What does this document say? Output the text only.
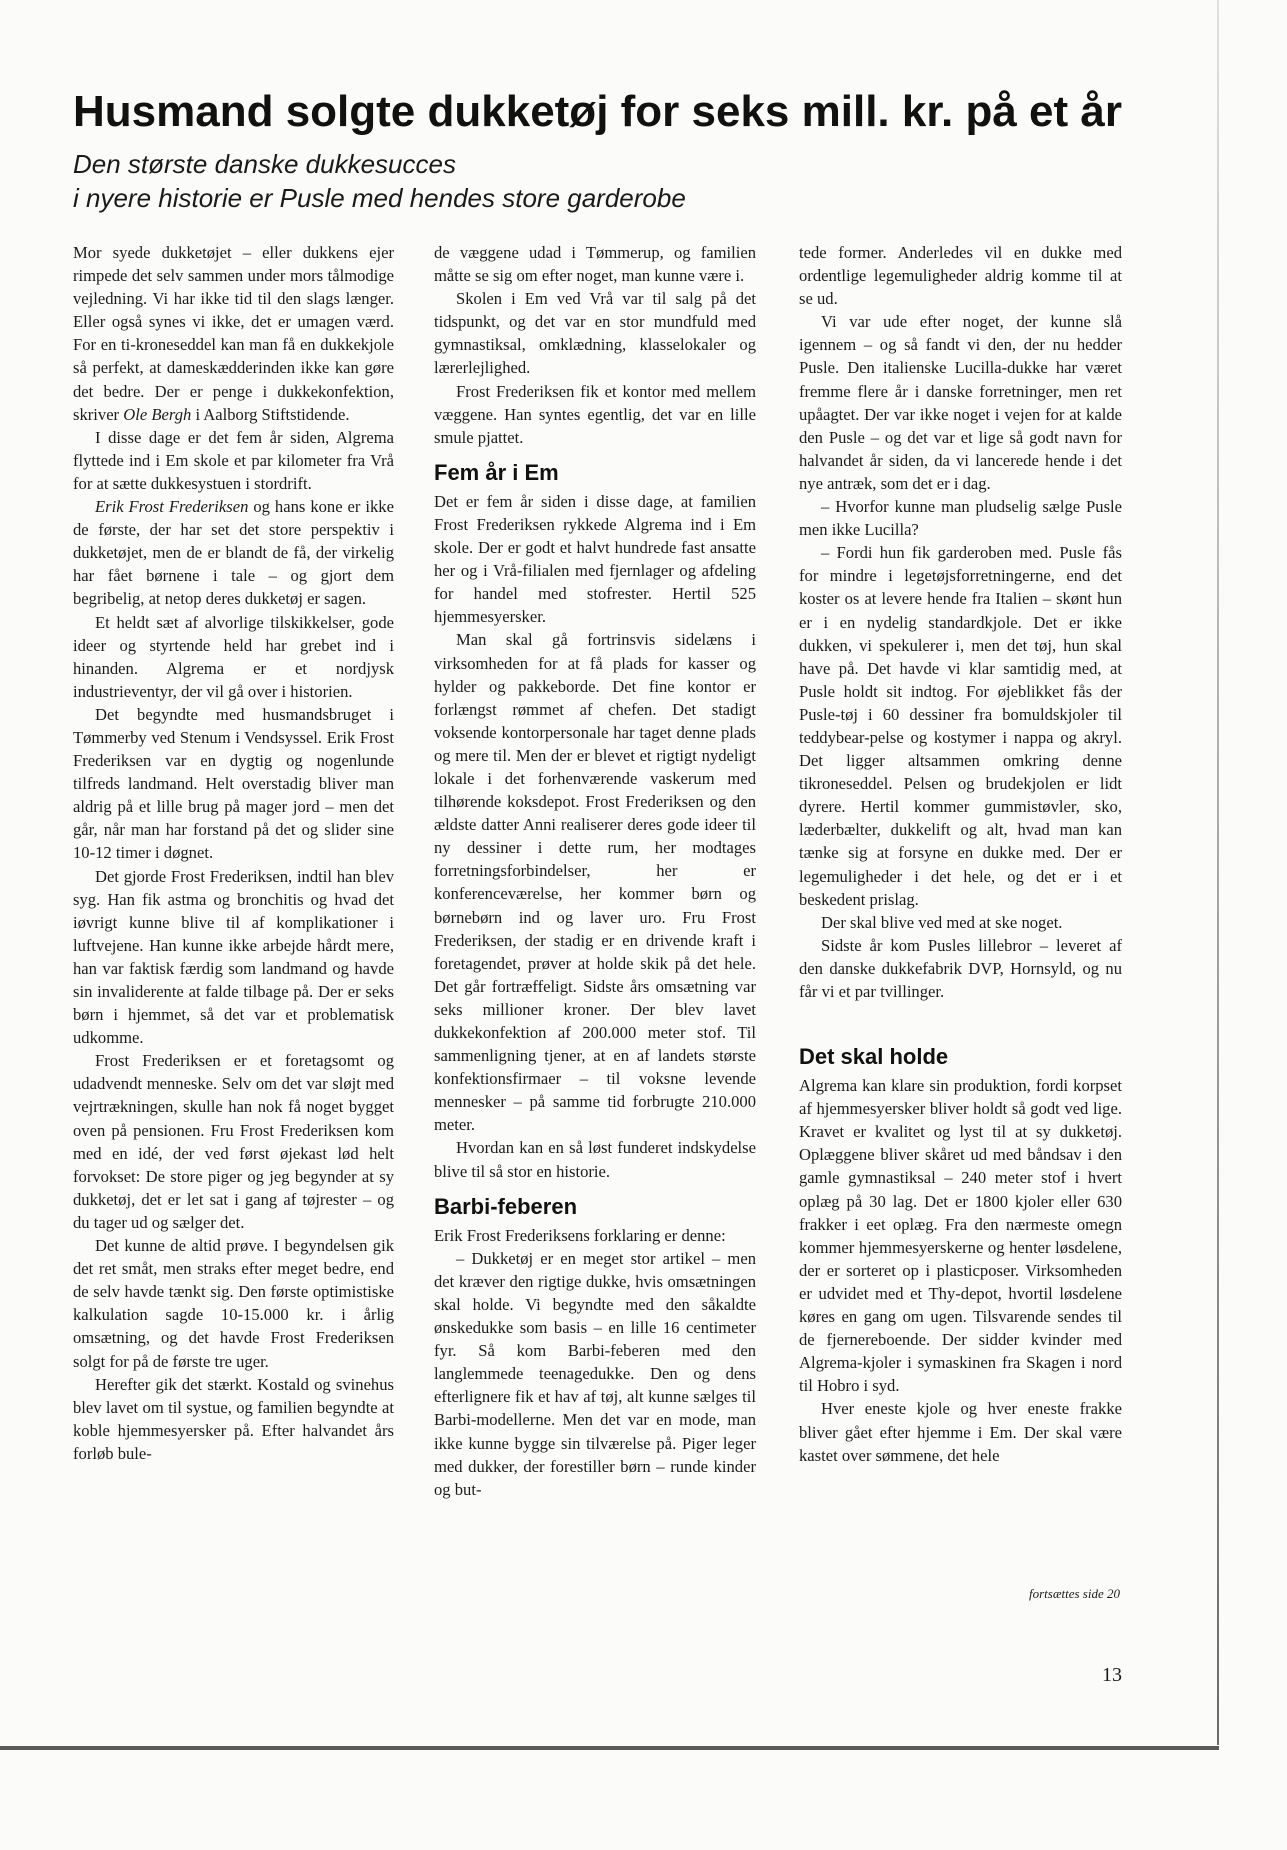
Husmand solgte dukketøj for seks mill. kr. på et år
Den største danske dukkesucces
i nyere historie er Pusle med hendes store garderobe

Mor syede dukketøjet – eller dukkens ejer rimpede det selv sammen under mors tålmodige vejledning. Vi har ikke tid til den slags længer. Eller også synes vi ikke, det er umagen værd. For en ti-kroneseddel kan man få en dukkekjole så perfekt, at dameskædderinden ikke kan gøre det bedre. Der er penge i dukkekonfektion, skriver Ole Bergh i Aalborg Stiftstidende.

I disse dage er det fem år siden, Algrema flyttede ind i Em skole et par kilometer fra Vrå for at sætte dukkesystuen i stordrift.

Erik Frost Frederiksen og hans kone er ikke de første, der har set det store perspektiv i dukketøjet, men de er blandt de få, der virkelig har fået børnene i tale – og gjort dem begribelig, at netop deres dukketøj er sagen.

Et heldt sæt af alvorlige tilskikkelser, gode ideer og styrtende held har grebet ind i hinanden. Algrema er et nordjysk industrieventyr, der vil gå over i historien.

Det begyndte med husmandsbruget i Tømmerby ved Stenum i Vendsyssel. Erik Frost Frederiksen var en dygtig og nogenlunde tilfreds landmand. Helt overstadig bliver man aldrig på et lille brug på mager jord – men det går, når man har forstand på det og slider sine 10-12 timer i døgnet.

Det gjorde Frost Frederiksen, indtil han blev syg. Han fik astma og bronchitis og hvad det iøvrigt kunne blive til af komplikationer i luftvejene. Han kunne ikke arbejde hårdt mere, han var faktisk færdig som landmand og havde sin invaliderente at falde tilbage på. Der er seks børn i hjemmet, så det var et problematisk udkomme.

Frost Frederiksen er et foretagsomt og udadvendt menneske. Selv om det var sløjt med vejrtrækningen, skulle han nok få noget bygget oven på pensionen. Fru Frost Frederiksen kom med en idé, der ved først øjekast lød helt forvokset: De store piger og jeg begynder at sy dukketøj, det er let sat i gang af tøjrester – og du tager ud og sælger det.

Det kunne de altid prøve. I begyndelsen gik det ret småt, men straks efter meget bedre, end de selv havde tænkt sig. Den første optimistiske kalkulation sagde 10-15.000 kr. i årlig omsætning, og det havde Frost Frederiksen solgt for på de første tre uger.

Herefter gik det stærkt. Kostald og svinehus blev lavet om til systue, og familien begyndte at koble hjemmesyersker på. Efter halvandet års forløb bule-

de væggene udad i Tømmerup, og familien måtte se sig om efter noget, man kunne være i.

Skolen i Em ved Vrå var til salg på det tidspunkt, og det var en stor mundfuld med gymnastiksal, omklædning, klasselokaler og lærerlejlighed.

Frost Frederiksen fik et kontor med mellem væggene. Han syntes egentlig, det var en lille smule pjattet.

Fem år i Em

Det er fem år siden i disse dage, at familien Frost Frederiksen rykkede Algrema ind i Em skole. Der er godt et halvt hundrede fast ansatte her og i Vrå-filialen med fjernlager og afdeling for handel med stofrester. Hertil 525 hjemmesyersker.

Man skal gå fortrinsvis sidelæns i virksomheden for at få plads for kasser og hylder og pakkeborde. Det fine kontor er forlængst rømmet af chefen. Det stadigt voksende kontorpersonale har taget denne plads og mere til. Men der er blevet et rigtigt nydeligt lokale i det forhenværende vaskerum med tilhørende koksdepot. Frost Frederiksen og den ældste datter Anni realiserer deres gode ideer til ny dessiner i dette rum, her modtages forretningsforbindelser, her er konferenceværelse, her kommer børn og børnebørn ind og laver uro. Fru Frost Frederiksen, der stadig er en drivende kraft i foretagendet, prøver at holde skik på det hele. Det går fortræffeligt. Sidste års omsætning var seks millioner kroner. Der blev lavet dukkekonfektion af 200.000 meter stof. Til sammenligning tjener, at en af landets største konfektionsfirmaer – til voksne levende mennesker – på samme tid forbrugte 210.000 meter.

Hvordan kan en så løst funderet indskydelse blive til så stor en historie.

Barbi-feberen

Erik Frost Frederiksens forklaring er denne:

– Dukketøj er en meget stor artikel – men det kræver den rigtige dukke, hvis omsætningen skal holde. Vi begyndte med den såkaldte ønskedukke som basis – en lille 16 centimeter fyr. Så kom Barbi-feberen med den langlemmede teenagedukke. Den og dens efterlignere fik et hav af tøj, alt kunne sælges til Barbi-modellerne. Men det var en mode, man ikke kunne bygge sin tilværelse på. Piger leger med dukker, der forestiller børn – runde kinder og but-

tede former. Anderledes vil en dukke med ordentlige legemuligheder aldrig komme til at se ud.

Vi var ude efter noget, der kunne slå igennem – og så fandt vi den, der nu hedder Pusle. Den italienske Lucilla-dukke har været fremme flere år i danske forretninger, men ret upåagtet. Der var ikke noget i vejen for at kalde den Pusle – og det var et lige så godt navn for halvandet år siden, da vi lancerede hende i det nye antræk, som det er i dag.

– Hvorfor kunne man pludselig sælge Pusle men ikke Lucilla?

– Fordi hun fik garderoben med. Pusle fås for mindre i legetøjsforretningerne, end det koster os at levere hende fra Italien – skønt hun er i en nydelig standardkjole. Det er ikke dukken, vi spekulerer i, men det tøj, hun skal have på. Det havde vi klar samtidig med, at Pusle holdt sit indtog. For øjeblikket fås der Pusle-tøj i 60 dessiner fra bomuldskjoler til teddybear-pelse og kostymer i nappa og akryl. Det ligger altsammen omkring denne tikroneseddel. Pelsen og brudekjolen er lidt dyrere. Hertil kommer gummistøvler, sko, læderbælter, dukkelift og alt, hvad man kan tænke sig at forsyne en dukke med. Der er legemuligheder i det hele, og det er i et beskedent prislag.

Der skal blive ved med at ske noget.

Sidste år kom Pusles lillebror – leveret af den danske dukkefabrik DVP, Hornsyld, og nu får vi et par tvillinger.

Det skal holde

Algrema kan klare sin produktion, fordi korpset af hjemmesyersker bliver holdt så godt ved lige. Kravet er kvalitet og lyst til at sy dukketøj. Oplæggene bliver skåret ud med båndsav i den gamle gymnastiksal – 240 meter stof i hvert oplæg på 30 lag. Det er 1800 kjoler eller 630 frakker i eet oplæg. Fra den nærmeste omegn kommer hjemmesyerskerne og henter løsdelene, der er sorteret op i plasticposer. Virksomheden er udvidet med et Thy-depot, hvortil løsdelene køres en gang om ugen. Tilsvarende sendes til de fjernereboende. Der sidder kvinder med Algrema-kjoler i symaskinen fra Skagen i nord til Hobro i syd.

Hver eneste kjole og hver eneste frakke bliver gået efter hjemme i Em. Der skal være kastet over sømmene, det hele

fortsættes side 20
13
